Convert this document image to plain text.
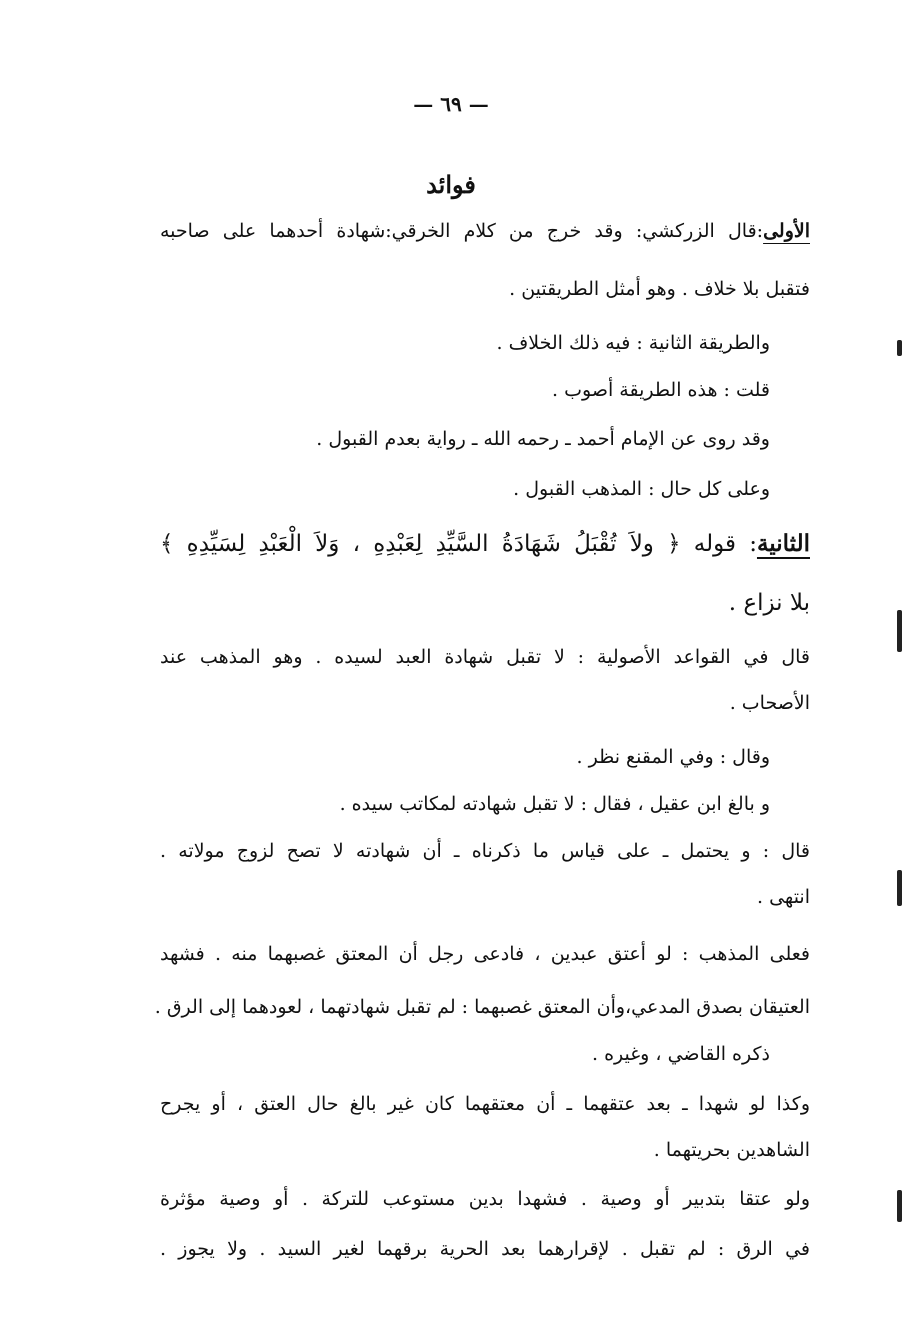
— ٦٩ —
فوائد
الأولى:قال الزركشي: وقد خرج من كلام الخرقي:شهادة أحدهما على صاحبه
فتقبل بلا خلاف . وهو أمثل الطريقتين .
والطريقة الثانية : فيه ذلك الخلاف .
قلت : هذه الطريقة أصوب .
وقد روى عن الإمام أحمد ـ رحمه الله ـ رواية بعدم القبول .
وعلى كل حال : المذهب القبول .
الثانية: قوله ﴿ ولاَ تُقْبَلُ شَهَادَةُ السَّيِّدِ لِعَبْدِهِ ، وَلاَ الْعَبْدِ لِسَيِّدِهِ ﴾
بلا نزاع .
قال في القواعد الأصولية : لا تقبل شهادة العبد لسيده . وهو المذهب عند
الأصحاب .
وقال : وفي المقنع نظر .
و بالغ ابن عقيل ، فقال : لا تقبل شهادته لمكاتب سيده .
قال : و يحتمل ـ على قياس ما ذكرناه ـ أن شهادته لا تصح لزوج مولاته .
انتهى .
فعلى المذهب : لو أعتق عبدين ، فادعى رجل أن المعتق غصبهما منه . فشهد
العتيقان بصدق المدعي،وأن المعتق غصبهما : لم تقبل شهادتهما ، لعودهما إلى الرق .
ذكره القاضي ، وغيره .
وكذا لو شهدا ـ بعد عتقهما ـ أن معتقهما كان غير بالغ حال العتق ، أو يجرح
الشاهدين بحريتهما .
ولو عتقا بتدبير أو وصية . فشهدا بدين مستوعب للتركة . أو وصية مؤثرة
في الرق : لم تقبل . لإقرارهما بعد الحرية برقهما لغير السيد . ولا يجوز .
